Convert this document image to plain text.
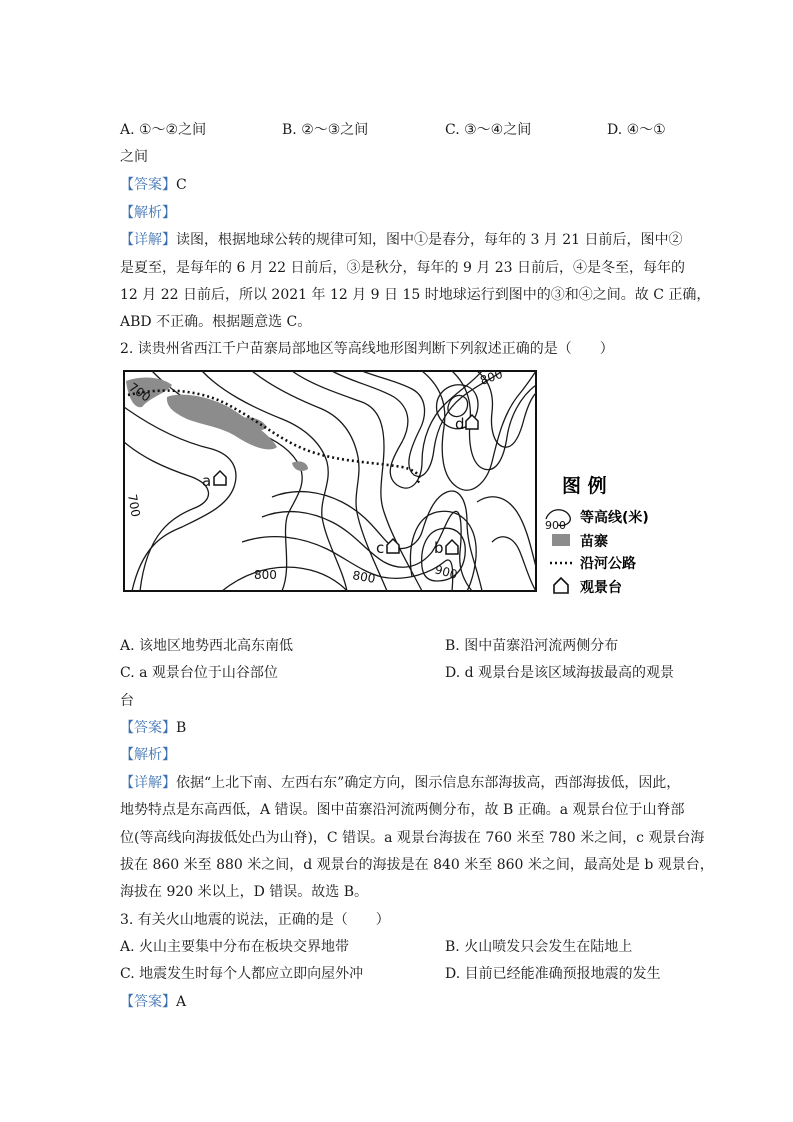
A. ①～②之间	B. ②～③之间	C. ③～④之间	D. ④～①
之间
【答案】C
【解析】
【详解】读图，根据地球公转的规律可知，图中①是春分，每年的 3 月 21 日前后，图中②
是夏至，是每年的 6 月 22 日前后，③是秋分，每年的 9 月 23 日前后，④是冬至，每年的
12 月 22 日前后，所以 2021 年 12 月 9 日 15 时地球运行到图中的③和④之间。故 C 正确，
ABD 不正确。根据题意选 C。
2. 读贵州省西江千户苗寨局部地区等高线地形图判断下列叙述正确的是（　　）
700
800
700
800	800	900
a
b
c
d
图 例
900 等高线(米)
苗寨
沿河公路
观景台
A. 该地区地势西北高东南低	B. 图中苗寨沿河流两侧分布
C. a 观景台位于山谷部位	D. d 观景台是该区域海拔最高的观景
台
【答案】B
【解析】
【详解】依据“上北下南、左西右东”确定方向，图示信息东部海拔高，西部海拔低，因此，
地势特点是东高西低，A 错误。图中苗寨沿河流两侧分布，故 B 正确。a 观景台位于山脊部
位(等高线向海拔低处凸为山脊)，C 错误。a 观景台海拔在 760 米至 780 米之间，c 观景台海
拔在 860 米至 880 米之间，d 观景台的海拔是在 840 米至 860 米之间，最高处是 b 观景台，
海拔在 920 米以上，D 错误。故选 B。
3. 有关火山地震的说法，正确的是（　　）
A. 火山主要集中分布在板块交界地带	B. 火山喷发只会发生在陆地上
C. 地震发生时每个人都应立即向屋外冲	D. 目前已经能准确预报地震的发生
【答案】A
